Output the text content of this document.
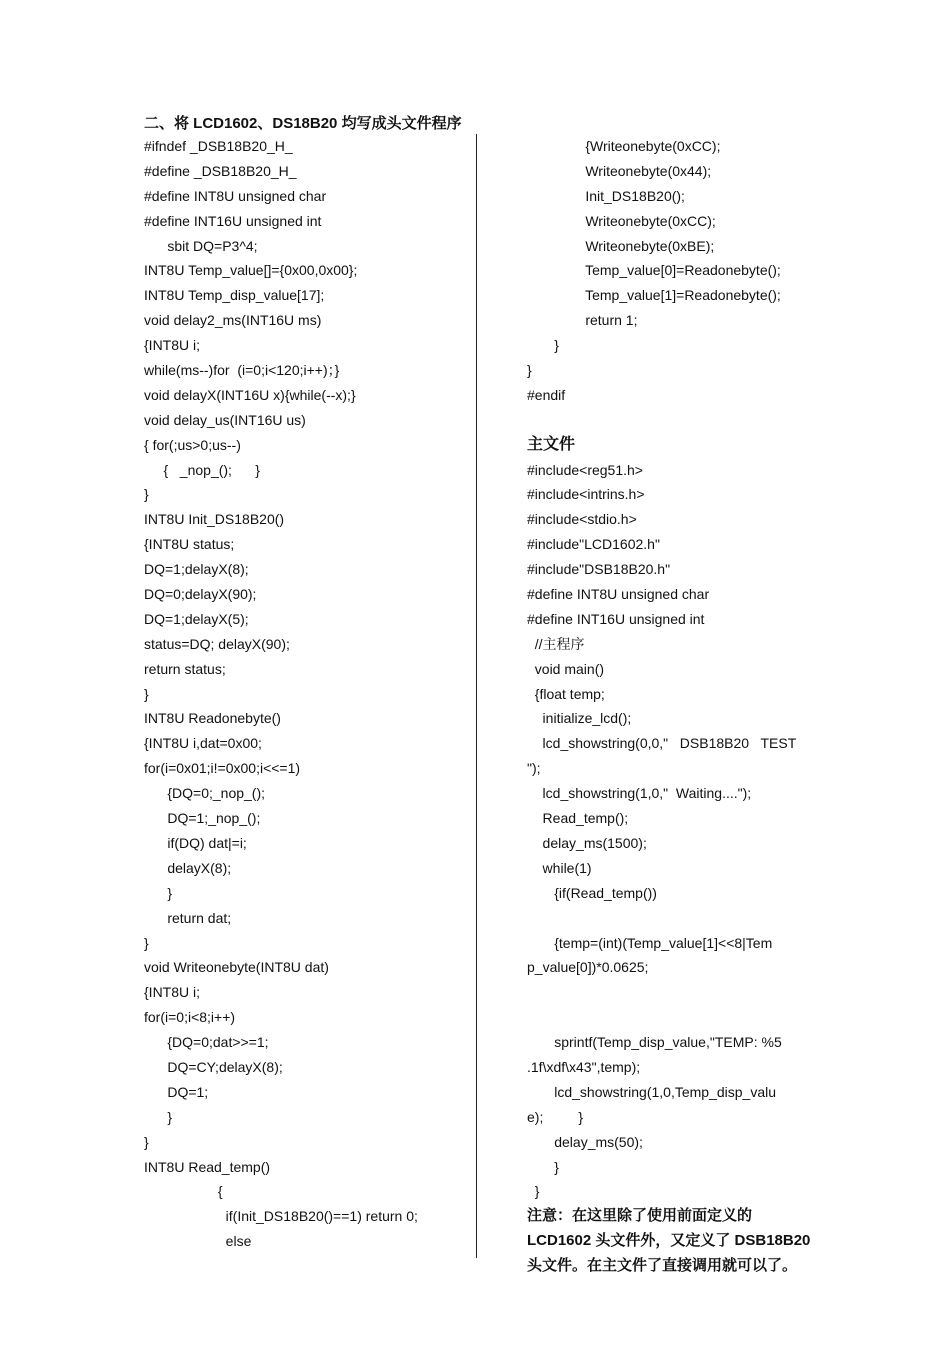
二、将 LCD1602、DS18B20 均写成头文件程序
#ifndef _DSB18B20_H_
#define _DSB18B20_H_
#define INT8U unsigned char
#define INT16U unsigned int
sbit DQ=P3^4;
INT8U Temp_value[]={0x00,0x00};
INT8U Temp_disp_value[17];
void delay2_ms(INT16U ms)
{INT8U i;
while(ms--)for  (i=0;i<120;i++)；}
void delayX(INT16U x){while(--x);}
void delay_us(INT16U us)
{ for(;us>0;us--)
{   _nop_();      }
}
INT8U Init_DS18B20()
{INT8U status;
DQ=1;delayX(8);
DQ=0;delayX(90);
DQ=1;delayX(5);
status=DQ; delayX(90);
return status;
}
INT8U Readonebyte()
{INT8U i,dat=0x00;
for(i=0x01;i!=0x00;i<<=1)
{DQ=0;_nop_();
DQ=1;_nop_();
if(DQ) dat|=i;
delayX(8);
}
return dat;
}
void Writeonebyte(INT8U dat)
{INT8U i;
for(i=0;i<8;i++)
{DQ=0;dat>>=1;
DQ=CY;delayX(8);
DQ=1;
}
}
INT8U Read_temp()
{
if(Init_DS18B20()==1) return 0;
else
{Writeonebyte(0xCC);
Writeonebyte(0x44);
Init_DS18B20();
Writeonebyte(0xCC);
Writeonebyte(0xBE);
Temp_value[0]=Readonebyte();
Temp_value[1]=Readonebyte();
return 1;
}
}
#endif
主文件
#include<reg51.h>
#include<intrins.h>
#include<stdio.h>
#include"LCD1602.h"
#include"DSB18B20.h"
#define INT8U unsigned char
#define INT16U unsigned int
//主程序
void main()
{float temp;
initialize_lcd();
lcd_showstring(0,0,"   DSB18B20   TEST
");
lcd_showstring(1,0,"  Waiting....");
Read_temp();
delay_ms(1500);
while(1)
{if(Read_temp())
{temp=(int)(Temp_value[1]<<8|Tem
p_value[0])*0.0625;
sprintf(Temp_disp_value,"TEMP: %5
.1f\xdf\x43",temp);
lcd_showstring(1,0,Temp_disp_valu
e);         }
delay_ms(50);
}
}
注意：在这里除了使用前面定义的
LCD1602 头文件外，又定义了 DSB18B20
头文件。在主文件了直接调用就可以了。
